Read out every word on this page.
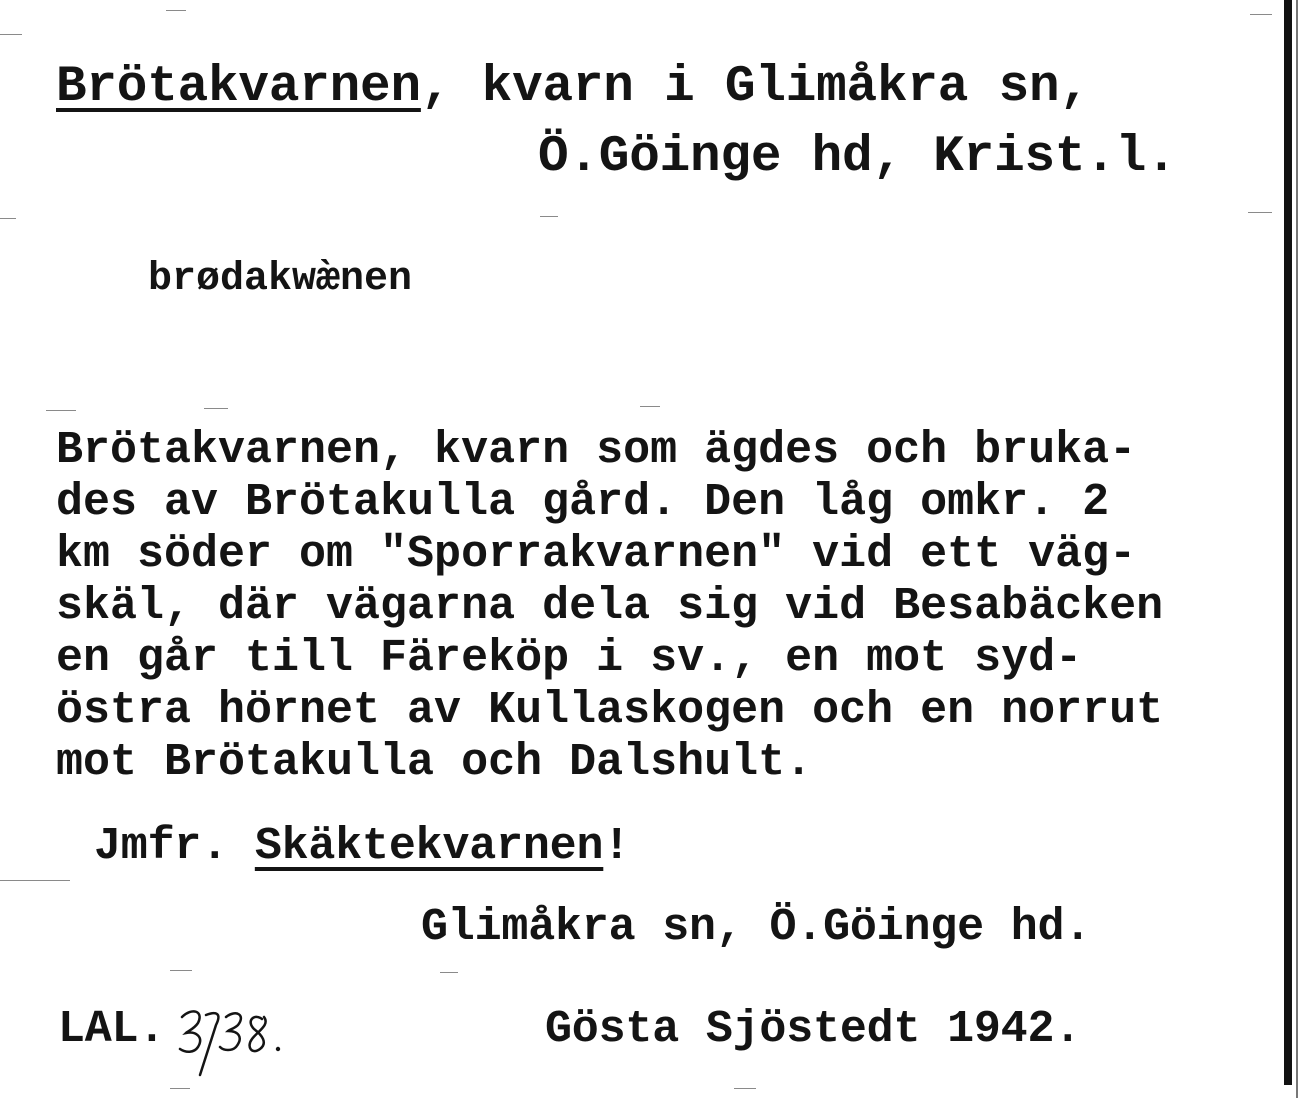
Brötakvarnen, kvarn i Glimåkra sn,
Ö.Göinge hd, Krist.l.
brødakwæ̀nen
Brötakvarnen, kvarn som ägdes och bruka-
des av Brötakulla gård. Den låg omkr. 2
km söder om "Sporrakvarnen" vid ett väg-
skäl, där vägarna dela sig vid Besabäcken
en går till Färeköp i sv., en mot syd-
östra hörnet av Kullaskogen och en norrut
mot Brötakulla och Dalshult.
Jmfr. Skäktekvarnen!
Glimåkra sn, Ö.Göinge hd.
LAL.	Gösta Sjöstedt 1942.
